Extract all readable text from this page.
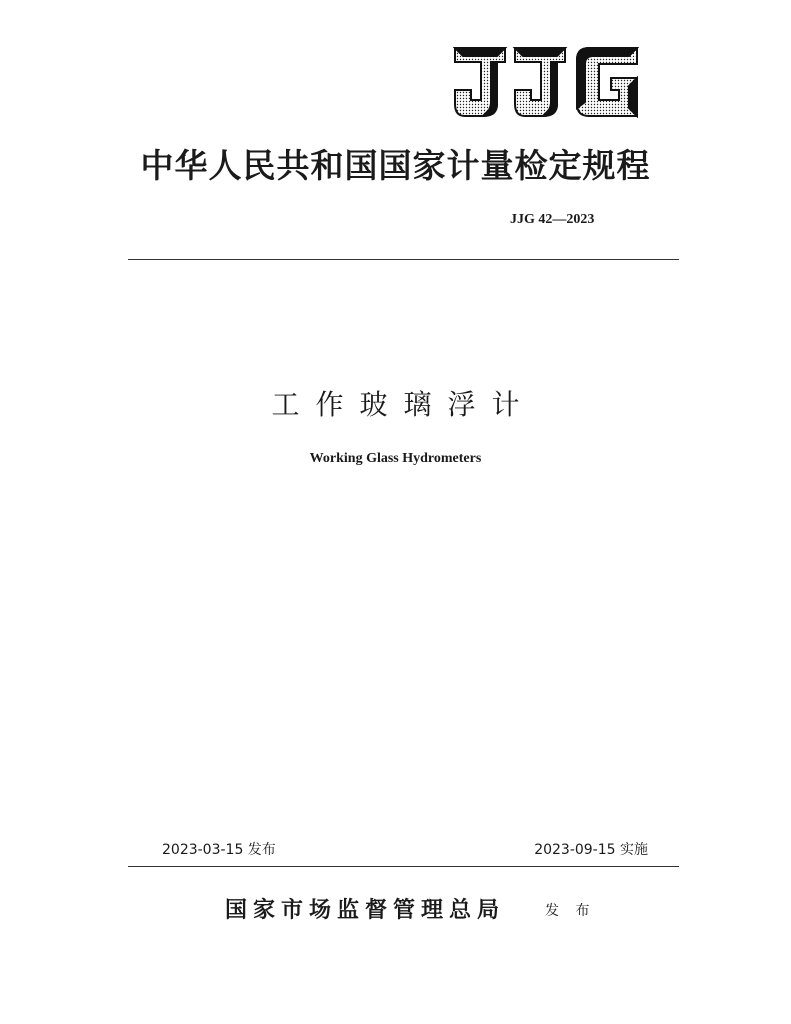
中华人民共和国国家计量检定规程
JJG 42—2023
工作玻璃浮计
Working Glass Hydrometers
2023-03-15 发布	2023-09-15 实施
国家市场监督管理总局	发 布
